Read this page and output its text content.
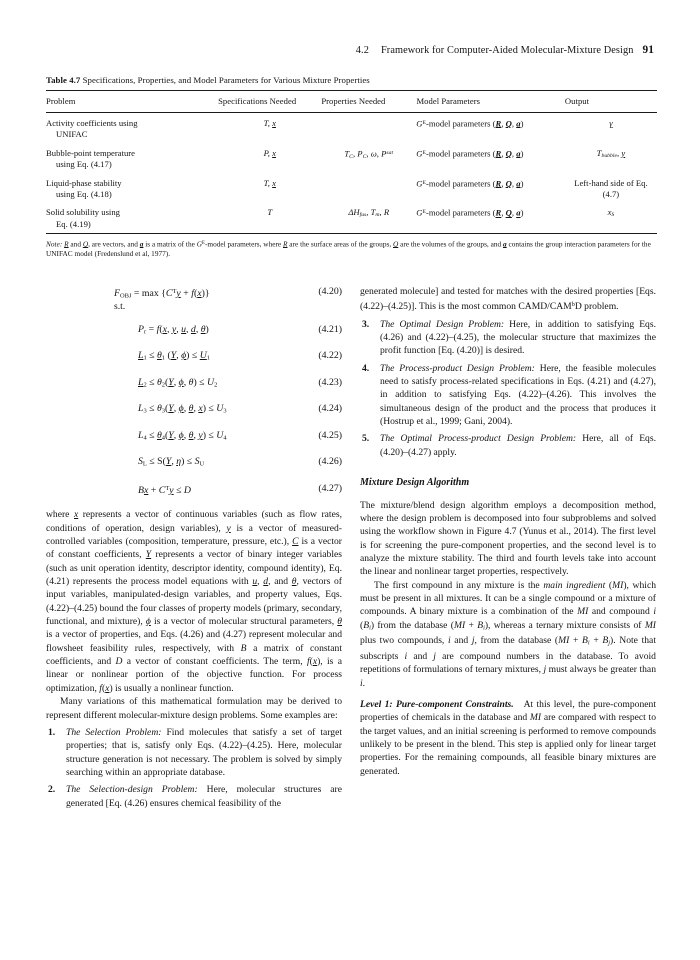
4.2 Framework for Computer-Aided Molecular-Mixture Design 91
Table 4.7 Specifications, Properties, and Model Parameters for Various Mixture Properties
Problem	Specifications Needed	Properties Needed	Model Parameters	Output
Activity coefficients using
UNIFAC	T, x		$G^E$-model parameters (R, Q, a)	γ

Bubble-point temperature
using Eq. (4.17)	P, x	$T_C$, $P_C$, ω, $P^{sat}$	$G^E$-model parameters (R, Q, a)	$T_{bubble}$, y

Liquid-phase stability
using Eq. (4.18)	T, x		$G^E$-model parameters (R, Q, a)	Left-hand side of Eq. (4.7)

Solid solubility using
Eq. (4.19)	T	$\Delta H_{fus}$, $T_m$, R	$G^E$-model parameters (R, Q, a)	$x_S$
Note: R and Q, are vectors, and a is a matrix of the $G^E$-model parameters, where R are the surface areas of the groups, Q are the volumes of the groups, and a contains the group interaction parameters for the UNIFAC model (Fredenslund et al, 1977).
$F_{OBJ} = \max \{C^Ty + f(x)\}$	(4.20)
s.t.
$P_r = f(x$, y, u, d, θ)	(4.21)
$L_1 \le \theta_1$ (Y, $\phi) \le U_1$	(4.22)
$L_2 \le \theta_2(Y$, ϕ, $\theta) \le U_2$	(4.23)
$L_3 \le \theta_3(Y$, ϕ, θ, $x) \le U_3$	(4.24)
$L_4 \le \theta_4(Y$, ϕ, θ, $y) \le U_4$	(4.25)
$S_L \le S(Y$, $\eta) \le S_U$	(4.26)
$Bx + C^Ty \le D$	(4.27)

where x represents a vector of continuous variables (such as flow rates, conditions of operation, design variables), y is a vector of measured-controlled variables (composition, temperature, pressure, etc.), C is a vector of constant coefficients, Y represents a vector of binary integer variables (such as unit operation identity, descriptor identity, compound identity), Eq. (4.21) represents the process model equations with u, d, and θ, vectors of input variables, manipulated-design variables, and property values, Eqs. (4.22)–(4.25) bound the four classes of property models (primary, secondary, functional, and mixture), ϕ is a vector of molecular structural parameters, θ is a vector of properties, and Eqs. (4.26) and (4.27) represent molecular and flowsheet feasibility rules, respectively, with B a matrix of constant coefficients, and D a vector of constant coefficients. The term, f(x), is a linear or nonlinear portion of the objective function. For process optimization, f(x) is usually a nonlinear function.

Many variations of this mathematical formulation may be derived to represent different molecular-mixture design problems. Some examples are:

1. The Selection Problem: Find molecules that satisfy a set of target properties; that is, satisfy only Eqs. (4.22)–(4.25). Here, molecular structure generation is not necessary. The problem is solved by simply searching within an appropriate database.
2. The Selection-design Problem: Here, molecular structures are generated [Eq. (4.26) ensures chemical feasibility of the

generated molecule] and tested for matches with the desired properties [Eqs. (4.22)–(4.25)]. This is the most common CAMD/CAM$^b$D problem.

3. The Optimal Design Problem: Here, in addition to satisfying Eqs. (4.26) and (4.22)–(4.25), the molecular structure that maximizes the profit function [Eq. (4.20)] is desired.
4. The Process-product Design Problem: Here, the feasible molecules need to satisfy process-related specifications in Eqs. (4.21) and (4.27), in addition to satisfying Eqs. (4.22)–(4.26). This involves the simultaneous design of the product and the process that produces it (Hostrup et al., 1999; Gani, 2004).
5. The Optimal Process-product Design Problem: Here, all of Eqs. (4.20)–(4.27) apply.
Mixture Design Algorithm

The mixture/blend design algorithm employs a decomposition method, where the design problem is decomposed into four subproblems and solved using the workflow shown in Figure 4.7 (Yunus et al., 2014). The first level is for screening the pure-component properties, and the second level is to analyze the mixture stability. The third and fourth levels take into account the linear and nonlinear target properties, respectively.

The first compound in any mixture is the main ingredient (MI), which must be present in all mixtures. It can be a single compound or a mixture of compounds. A binary mixture is a combination of the MI and compound i $(B_i)$ from the database $(MI + B_i)$, whereas a ternary mixture consists of MI plus two compounds, i and j, from the database $(MI + B_i + B_j)$. Note that subscripts i and j are compound numbers in the database. To avoid repetitions of formulations of ternary mixtures, j must always be greater than i.

Level 1: Pure-component Constraints.   At this level, the pure-component properties of chemicals in the database and MI are compared with respect to the target values, and an initial screening is performed to remove compounds unlikely to be present in the blend. This step is applied only for linear target properties. For the remaining compounds, all feasible binary mixtures are generated.
